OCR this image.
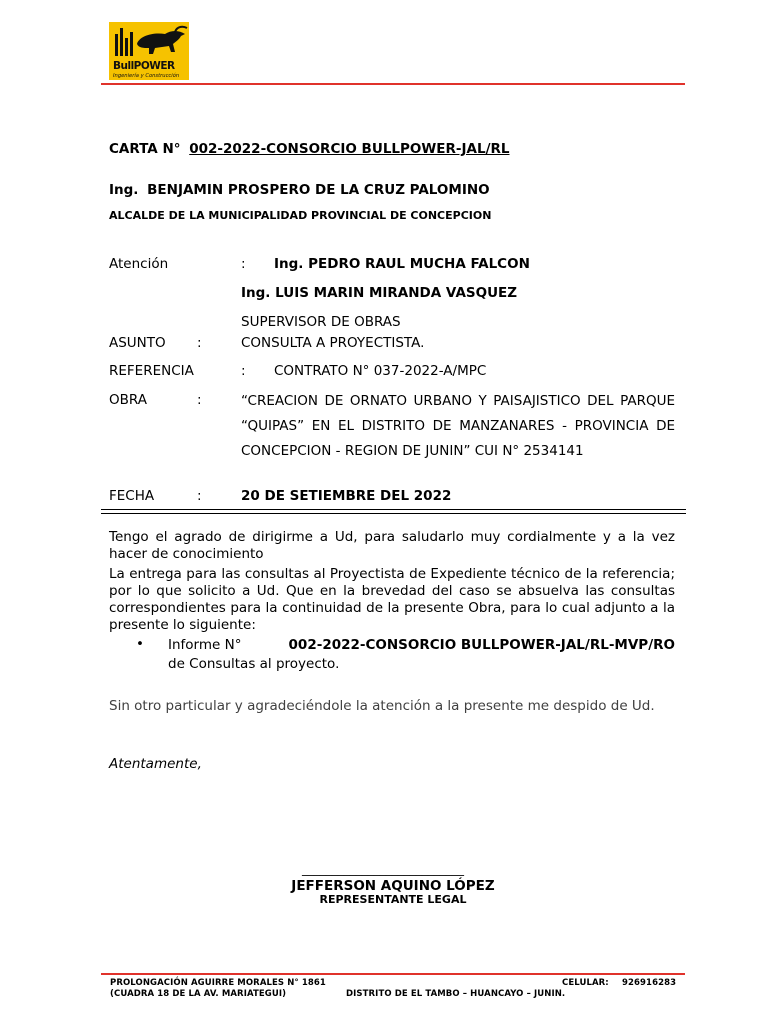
BullPOWER
Ingeniería y Construcción
CARTA N° 002-2022-CONSORCIO BULLPOWER-JAL/RL
Ing. BENJAMIN PROSPERO DE LA CRUZ PALOMINO
ALCALDE DE LA MUNICIPALIDAD PROVINCIAL DE CONCEPCION
Atención	: Ing. PEDRO RAUL MUCHA FALCON
Ing. LUIS MARIN MIRANDA VASQUEZ
SUPERVISOR DE OBRAS
ASUNTO :	CONSULTA A PROYECTISTA.
REFERENCIA	: CONTRATO N° 037-2022-A/MPC
OBRA	:	“CREACION DE ORNATO URBANO Y PAISAJISTICO DEL PARQUE “QUIPAS” EN EL DISTRITO DE MANZANARES - PROVINCIA DE CONCEPCION - REGION DE JUNIN” CUI N° 2534141
FECHA	:	20 DE SETIEMBRE DEL 2022
Tengo el agrado de dirigirme a Ud, para saludarlo muy cordialmente y a la vez hacer de conocimiento
La entrega para las consultas al Proyectista de Expediente técnico de la referencia; por lo que solicito a Ud. Que en la brevedad del caso se absuelva las consultas correspondientes para la continuidad de la presente Obra, para lo cual adjunto a la presente lo siguiente:
• Informe N°	002-2022-CONSORCIO BULLPOWER-JAL/RL-MVP/RO
de Consultas al proyecto.
Sin otro particular y agradeciéndole la atención a la presente me despido de Ud.
Atentamente,
___________________________
JEFFERSON AQUINO LÓPEZ
REPRESENTANTE LEGAL
PROLONGACIÓN AGUIRRE MORALES N° 1861
(CUADRA 18 DE LA AV. MARIATEGUI)	DISTRITO DE EL TAMBO – HUANCAYO – JUNIN.
CELULAR: 926916283
